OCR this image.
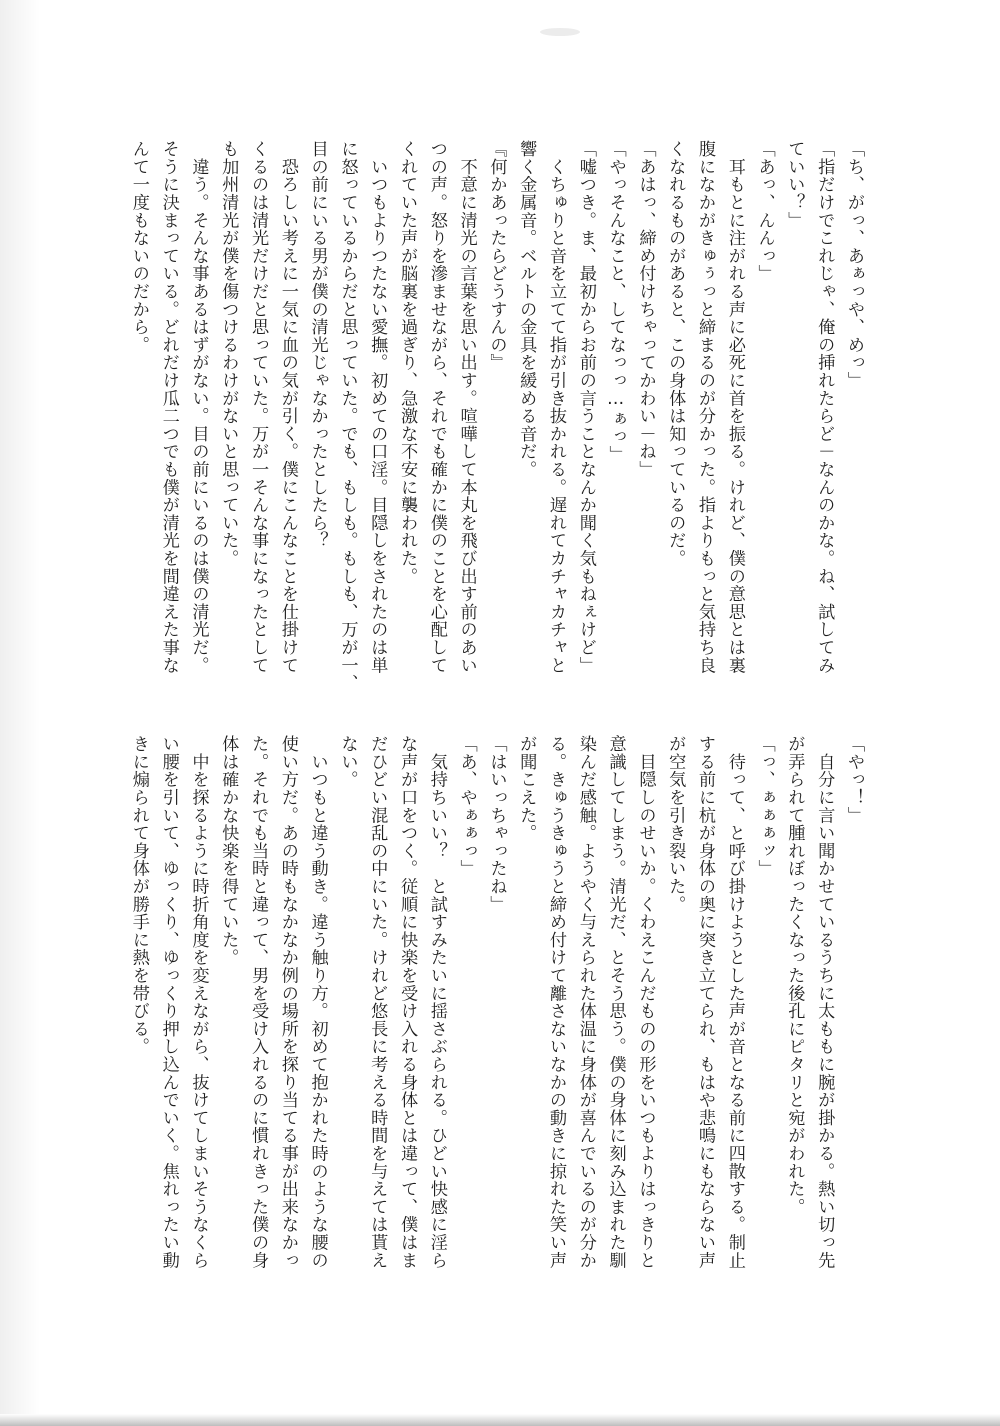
「ち、がっ、あぁっや、めっ」
「指だけでこれじゃ、俺の挿れたらど－なんのかな。ね、試してみ
ていい？」
「あっ、んんっ」
　耳もとに注がれる声に必死に首を振る。けれど、僕の意思とは裏
腹になかがきゅぅっと締まるのが分かった。指よりもっと気持ち良
くなれるものがあると、この身体は知っているのだ。
「あはっ、締め付けちゃってかわい－ね」
「やっそんなこと、してなっっ…ぁっ」
「嘘つき。ま、最初からお前の言うことなんか聞く気もねぇけど」
　くちゅりと音を立てて指が引き抜かれる。遅れてカチャカチャと
響く金属音。ベルトの金具を緩める音だ。
『何かあったらどうすんの』
　不意に清光の言葉を思い出す。喧嘩して本丸を飛び出す前のあい
つの声。怒りを滲ませながら、それでも確かに僕のことを心配して
くれていた声が脳裏を過ぎり、急激な不安に襲われた。
　いつもよりつたない愛撫。初めての口淫。目隠しをされたのは単
に怒っているからだと思っていた。でも、もしも。もしも、万が一、
目の前にいる男が僕の清光じゃなかったとしたら？
　恐ろしい考えに一気に血の気が引く。僕にこんなことを仕掛けて
くるのは清光だけだと思っていた。万が一そんな事になったとして
も加州清光が僕を傷つけるわけがないと思っていた。
　違う。そんな事あるはずがない。目の前にいるのは僕の清光だ。
そうに決まっている。どれだけ瓜二つでも僕が清光を間違えた事な
んて一度もないのだから。
「やっ！」
　自分に言い聞かせているうちに太ももに腕が掛かる。熱い切っ先
が弄られて腫れぼったくなった後孔にピタリと宛がわれた。
「っ、ぁぁぁッ」
　待って、と呼び掛けようとした声が音となる前に四散する。制止
する前に杭が身体の奥に突き立てられ、もはや悲鳴にもならない声
が空気を引き裂いた。
　目隠しのせいか。くわえこんだものの形をいつもよりはっきりと
意識してしまう。清光だ、とそう思う。僕の身体に刻み込まれた馴
染んだ感触。ようやく与えられた体温に身体が喜んでいるのが分か
る。きゅうきゅうと締め付けて離さないなかの動きに掠れた笑い声
が聞こえた。
「はいっちゃったね」
「あ、やぁぁっ」
　気持ちいい？　と試すみたいに揺さぶられる。ひどい快感に淫ら
な声が口をつく。従順に快楽を受け入れる身体とは違って、僕はま
だひどい混乱の中にいた。けれど悠長に考える時間を与えては貰え
ない。
　いつもと違う動き。違う触り方。初めて抱かれた時のような腰の
使い方だ。あの時もなかなか例の場所を探り当てる事が出来なかっ
た。それでも当時と違って、男を受け入れるのに慣れきった僕の身
体は確かな快楽を得ていた。
　中を探るように時折角度を変えながら、抜けてしまいそうなくら
い腰を引いて、ゆっくり、ゆっくり押し込んでいく。焦れったい動
きに煽られて身体が勝手に熱を帯びる。
